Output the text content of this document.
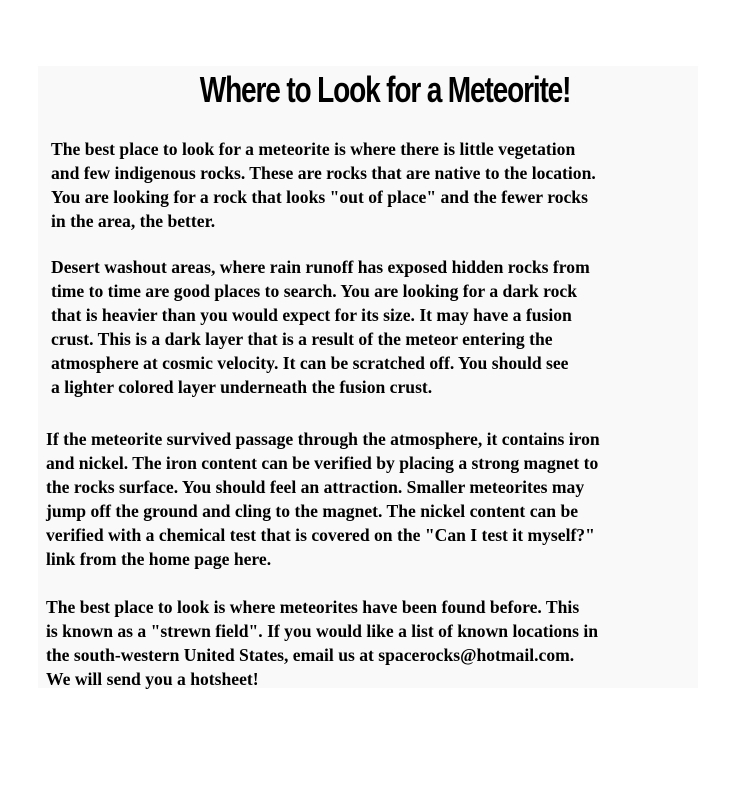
Where to Look for a Meteorite!
The best place to look for a meteorite is where there is little vegetation
and few indigenous rocks. These are rocks that are native to the location.
You are looking for a rock that looks "out of place" and the fewer rocks
in the area, the better.
Desert washout areas, where rain runoff has exposed hidden rocks from
time to time are good places to search. You are looking for a dark rock
that is heavier than you would expect for its size. It may have a fusion
crust. This is a dark layer that is a result of the meteor entering the
atmosphere at cosmic velocity. It can be scratched off. You should see
a lighter colored layer underneath the fusion crust.
If the meteorite survived passage through the atmosphere, it contains iron
and nickel. The iron content can be verified by placing a strong magnet to
the rocks surface. You should feel an attraction. Smaller meteorites may
jump off the ground and cling to the magnet. The nickel content can be
verified with a chemical test that is covered on the "Can I test it myself?"
link from the home page here.
The best place to look is where meteorites have been found before. This
is known as a "strewn field". If you would like a list of known locations in
the south-western United States, email us at spacerocks@hotmail.com.
We will send you a hotsheet!
